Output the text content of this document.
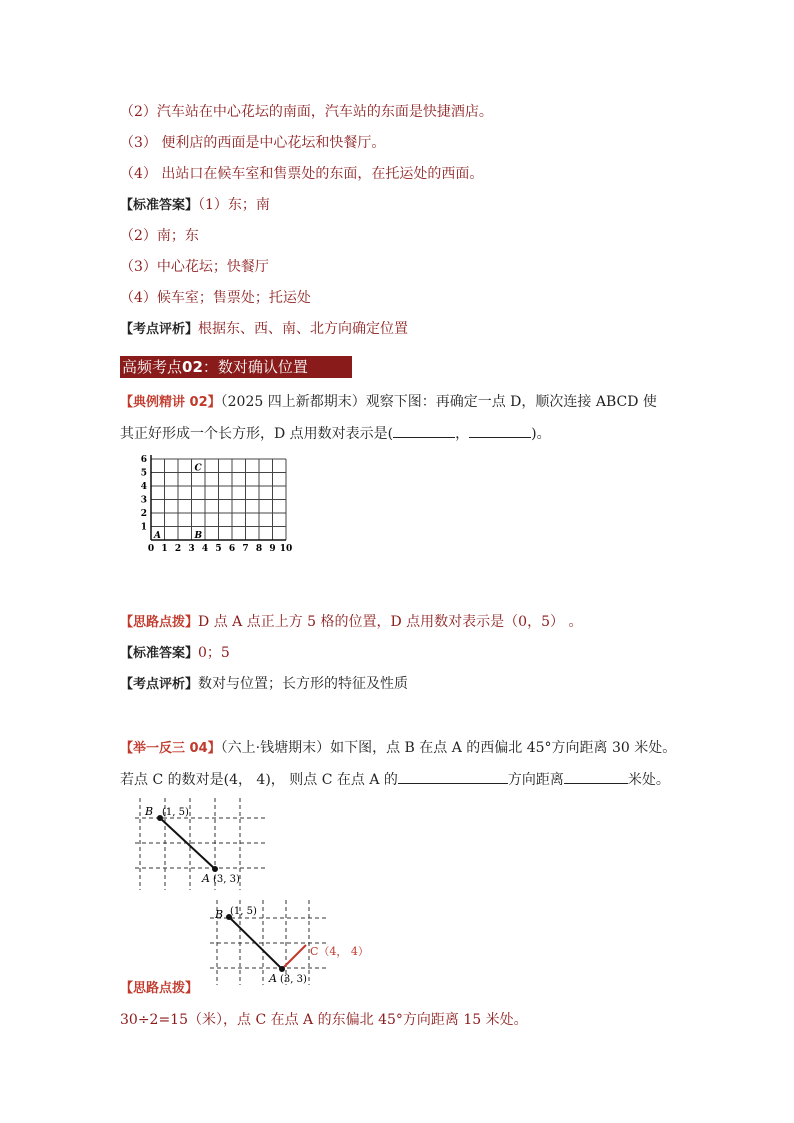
（2）汽车站在中心花坛的南面，汽车站的东面是快捷酒店。
（3） 便利店的西面是中心花坛和快餐厅。
（4） 出站口在候车室和售票处的东面，在托运处的西面。
【标准答案】（1）东；南
（2）南；东
（3）中心花坛；快餐厅
（4）候车室；售票处；托运处
【考点评析】根据东、西、南、北方向确定位置
高频考点02：数对确认位置
【典例精讲 02】（2025 四上新都期末）观察下图：再确定一点 D，顺次连接 ABCD 使
其正好形成一个长方形，D 点用数对表示是(	，	)。
0 1 2 3 4 5 6 7 8 9 10
1
2
3
4
5
6
A	B
C
【思路点拨】D 点 A 点正上方 5 格的位置，D 点用数对表示是（0，5） 。
【标准答案】0；5
【考点评析】数对与位置；长方形的特征及性质
【举一反三 04】（六上·钱塘期末）如下图，点 B 在点 A 的西偏北 45°方向距离 30 米处。
若点 C 的数对是(4， 4)， 则点 C 在点 A 的	方向距离	米处。
B (1, 5)
A (3, 3)
B (1, 5)
A (3, 3)
C（4， 4）
【思路点拨】
30÷2=15（米），点 C 在点 A 的东偏北 45°方向距离 15 米处。
